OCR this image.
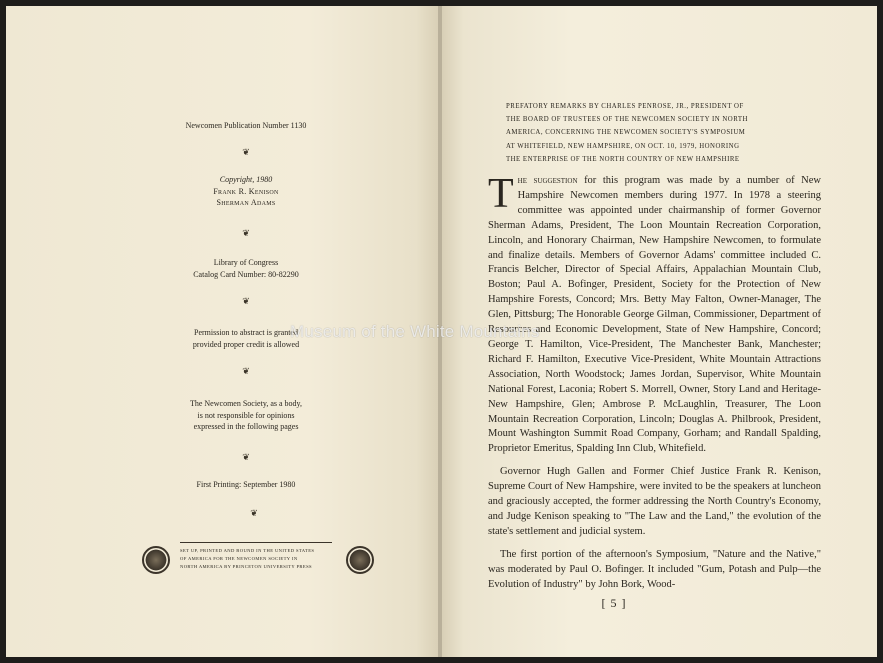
Newcomen Publication Number 1130
❦
Copyright, 1980
Frank R. Kenison
Sherman Adams
❦
Library of Congress
Catalog Card Number: 80-82290
❦
Permission to abstract is granted
provided proper credit is allowed
❦
The Newcomen Society, as a body,
is not responsible for opinions
expressed in the following pages
❦
First Printing: September 1980
❦
SET UP, PRINTED AND BOUND IN THE UNITED STATES
OF AMERICA FOR THE NEWCOMEN SOCIETY IN
NORTH AMERICA BY PRINCETON UNIVERSITY PRESS
PREFATORY REMARKS BY CHARLES PENROSE, JR., PRESIDENT OF
THE BOARD OF TRUSTEES OF THE NEWCOMEN SOCIETY IN NORTH
AMERICA, CONCERNING THE NEWCOMEN SOCIETY'S SYMPOSIUM
AT WHITEFIELD, NEW HAMPSHIRE, ON OCT. 10, 1979, HONORING
THE ENTERPRISE OF THE NORTH COUNTRY OF NEW HAMPSHIRE

The suggestion for this program was made by a number of New Hampshire Newcomen members during 1977. In 1978 a steering committee was appointed under chairmanship of former Governor Sherman Adams, President, The Loon Mountain Recreation Corporation, Lincoln, and Honorary Chairman, New Hampshire Newcomen, to formulate and finalize details. Members of Governor Adams' committee included C. Francis Belcher, Director of Special Affairs, Appalachian Mountain Club, Boston; Paul A. Bofinger, President, Society for the Protection of New Hampshire Forests, Concord; Mrs. Betty May Falton, Owner-Manager, The Glen, Pittsburg; The Honorable George Gilman, Commissioner, Department of Resources and Economic Development, State of New Hampshire, Concord; George T. Hamilton, Vice-President, The Manchester Bank, Manchester; Richard F. Hamilton, Executive Vice-President, White Mountain Attractions Association, North Woodstock; James Jordan, Supervisor, White Mountain National Forest, Laconia; Robert S. Morrell, Owner, Story Land and Heritage-New Hampshire, Glen; Ambrose P. McLaughlin, Treasurer, The Loon Mountain Recreation Corporation, Lincoln; Douglas A. Philbrook, President, Mount Washington Summit Road Company, Gorham; and Randall Spalding, Proprietor Emeritus, Spalding Inn Club, Whitefield.

Governor Hugh Gallen and Former Chief Justice Frank R. Kenison, Supreme Court of New Hampshire, were invited to be the speakers at luncheon and graciously accepted, the former addressing the North Country's Economy, and Judge Kenison speaking to "The Law and the Land," the evolution of the state's settlement and judicial system.

The first portion of the afternoon's Symposium, "Nature and the Native," was moderated by Paul O. Bofinger. It included "Gum, Potash and Pulp—the Evolution of Industry" by John Bork, Wood-

[ 5 ]
Museum of the White Mountains
